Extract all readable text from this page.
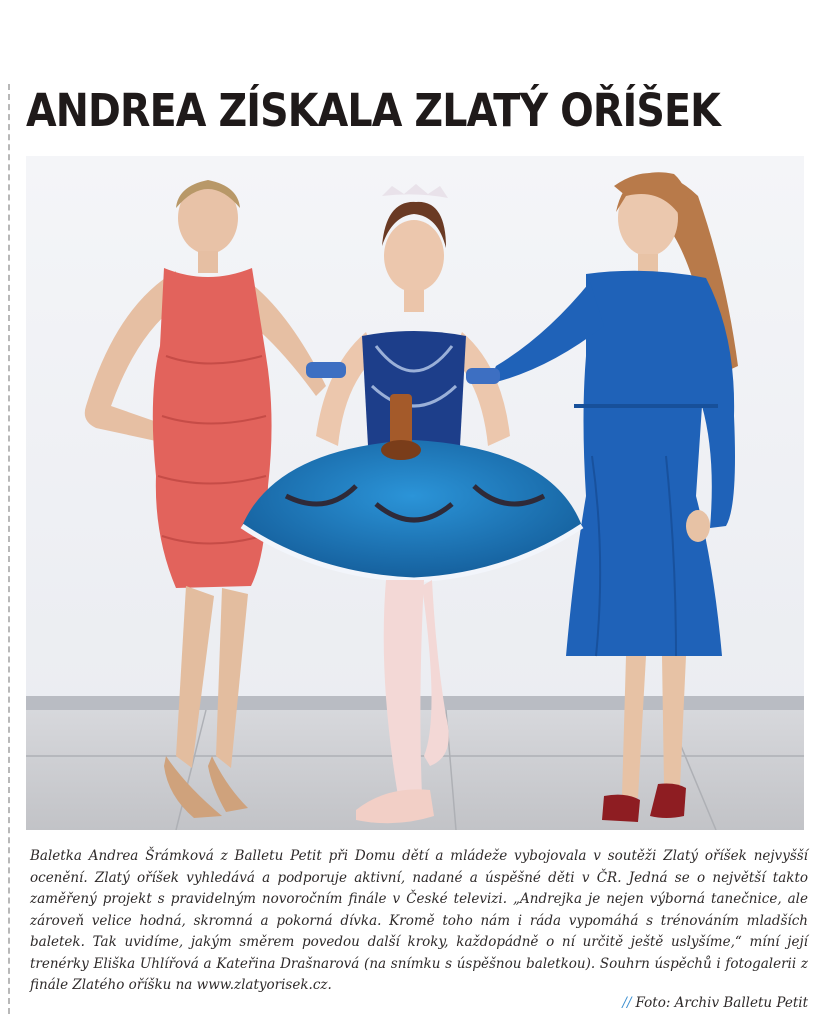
ANDREA ZÍSKALA ZLATÝ OŘÍŠEK

Baletka Andrea Šrámková z Balletu Petit při Domu dětí a mládeže vybojovala v soutěži Zlatý oříšek nejvyšší ocenění. Zlatý oříšek vyhledává a podporuje aktivní, nadané a úspěšné děti v ČR. Jedná se o největší takto zaměřený projekt s pravidelným novoročním finále v České televizi. „Andrejka je nejen výborná tanečnice, ale zároveň velice hodná, skromná a pokorná dívka. Kromě toho nám i ráda vypomáhá s trénováním mladších baletek. Tak uvidíme, jakým směrem povedou další kroky, každopádně o ní určitě ještě uslyšíme,“ míní její trenérky Eliška Uhlířová a Kateřina Drašnarová (na snímku s úspěšnou baletkou). Souhrn úspěchů i fotogalerii z finále Zlatého oříšku na www.zlatyorisek.cz.

// Foto: Archiv Balletu Petit
